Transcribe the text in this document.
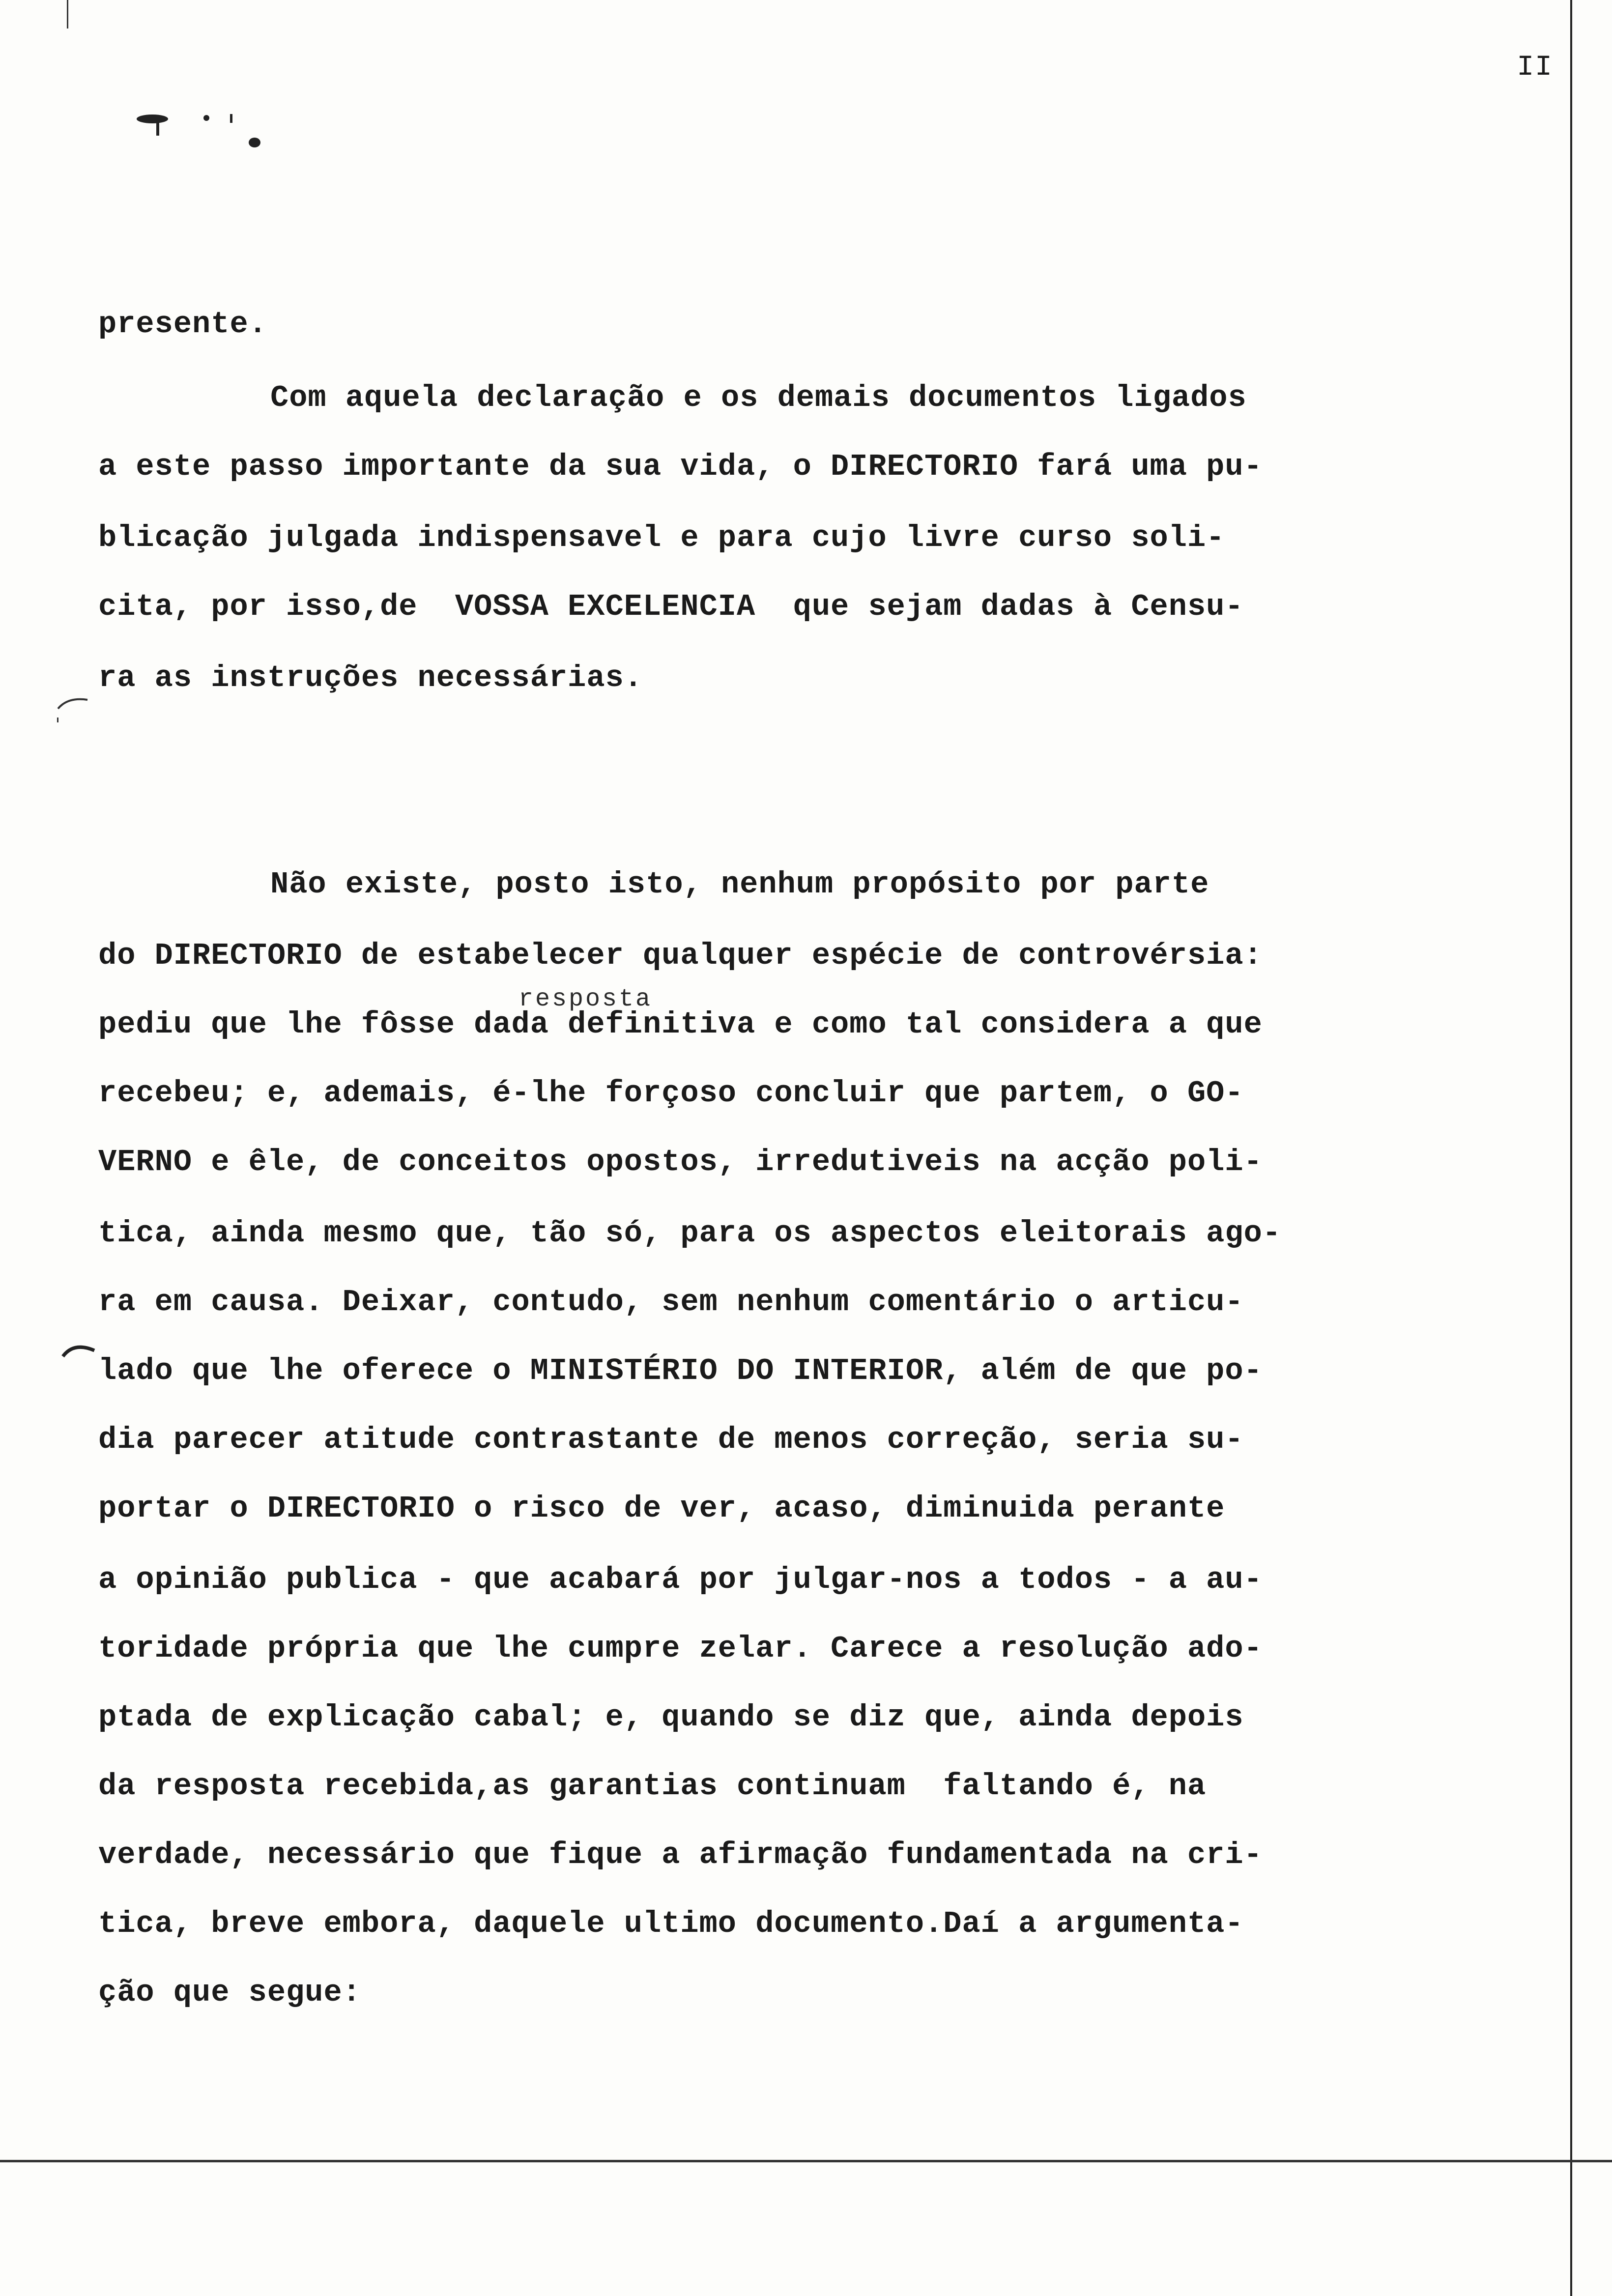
II
presente.
Com aquela declaração e os demais documentos ligados
a este passo importante da sua vida, o DIRECTORIO fará uma pu-
blicação julgada indispensavel e para cujo livre curso soli-
cita, por isso,de  VOSSA EXCELENCIA  que sejam dadas à Censu-
ra as instruções necessárias.
Não existe, posto isto, nenhum propósito por parte
do DIRECTORIO de estabelecer qualquer espécie de controvérsia:
resposta
pediu que lhe fôsse dada definitiva e como tal considera a que
recebeu; e, ademais, é-lhe forçoso concluir que partem, o GO-
VERNO e êle, de conceitos opostos, irredutiveis na acção poli-
tica, ainda mesmo que, tão só, para os aspectos eleitorais ago-
ra em causa. Deixar, contudo, sem nenhum comentário o articu-
lado que lhe oferece o MINISTÉRIO DO INTERIOR, além de que po-
dia parecer atitude contrastante de menos correção, seria su-
portar o DIRECTORIO o risco de ver, acaso, diminuida perante
a opinião publica - que acabará por julgar-nos a todos - a au-
toridade própria que lhe cumpre zelar. Carece a resolução ado-
ptada de explicação cabal; e, quando se diz que, ainda depois
da resposta recebida,as garantias continuam  faltando é, na
verdade, necessário que fique a afirmação fundamentada na cri-
tica, breve embora, daquele ultimo documento.Daí a argumenta-
ção que segue:
